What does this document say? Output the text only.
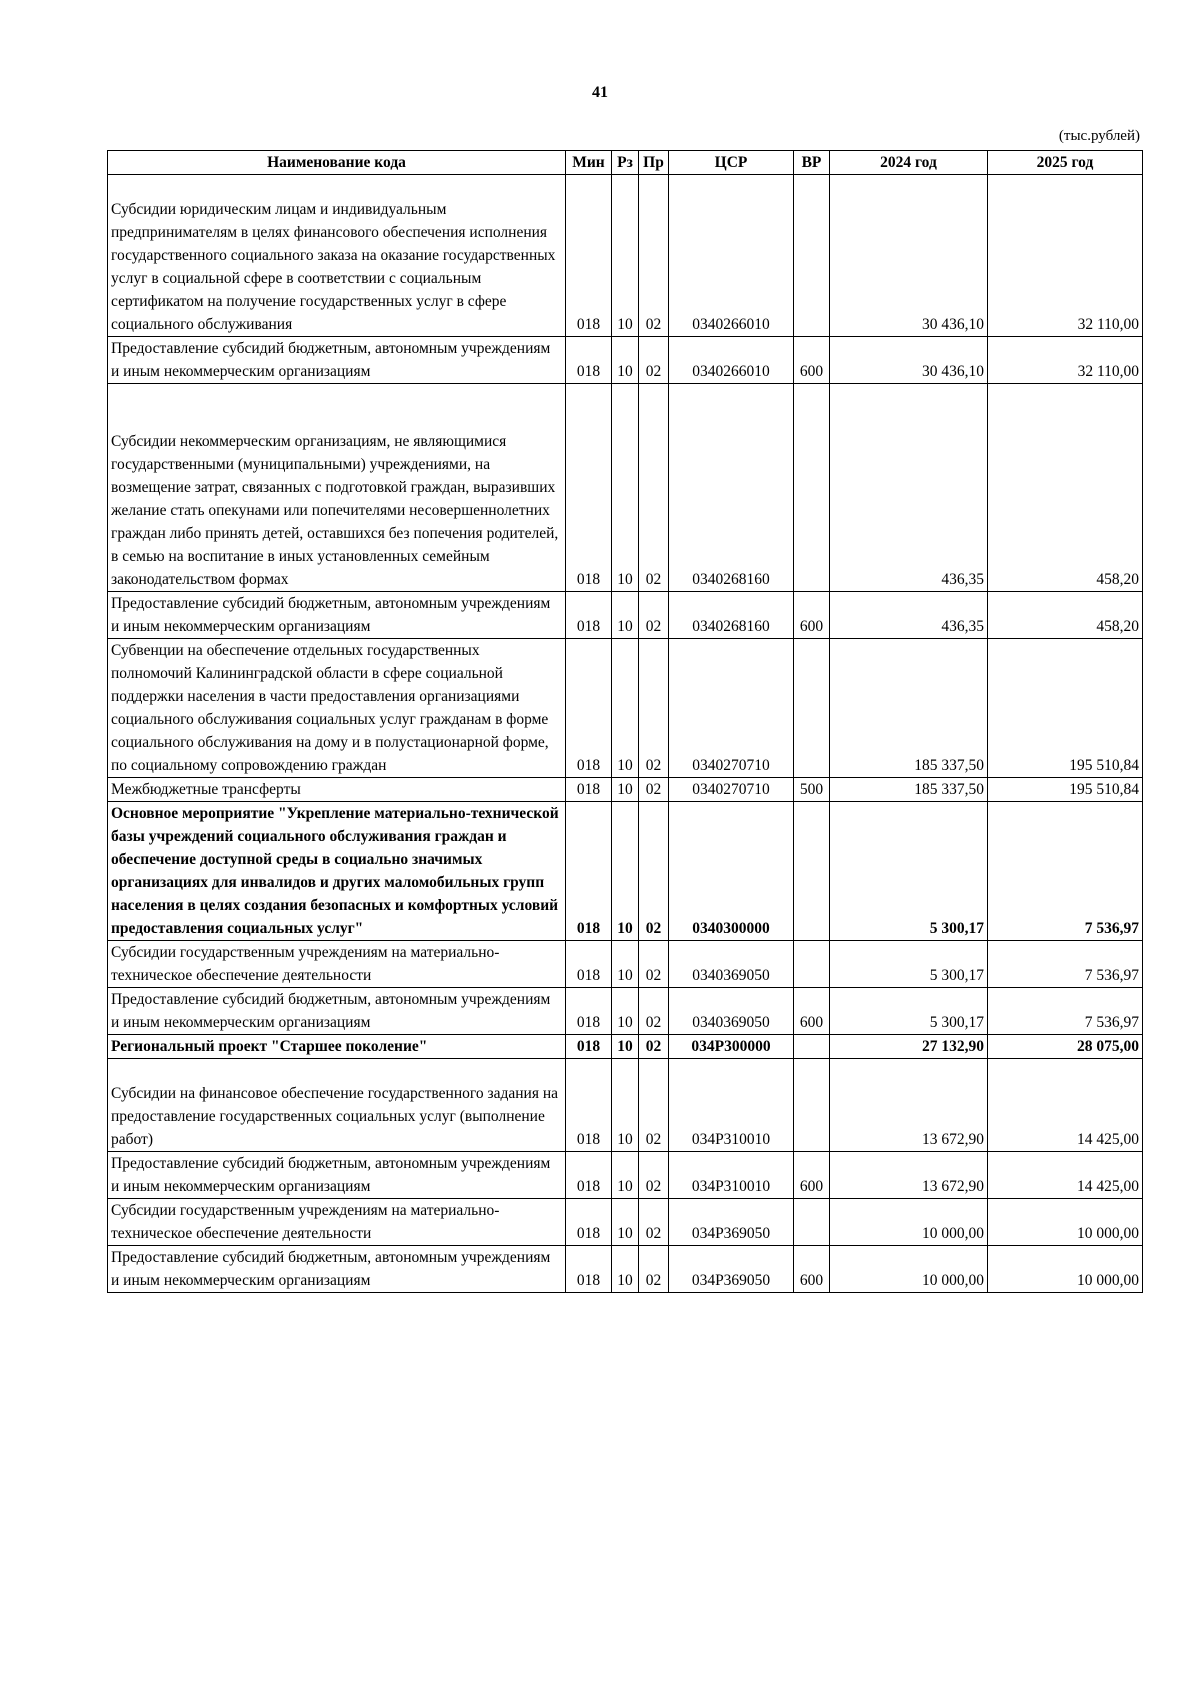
41
(тыс.рублей)
Наименование кода	Мин	Рз	Пр	ЦСР	ВР	2024 год	2025 год

Субсидии юридическим лицам и индивидуальным предпринимателям в целях финансового обеспечения исполнения государственного социального заказа на оказание государственных услуг в социальной сфере в соответствии с социальным сертификатом на получение государственных услуг в сфере социального обслуживания	018	10	02	0340266010		30 436,10	32 110,00
Предоставление субсидий бюджетным, автономным учреждениям и иным некоммерческим организациям	018	10	02	0340266010	600	30 436,10	32 110,00

Субсидии некоммерческим организациям, не являющимися государственными (муниципальными) учреждениями, на возмещение затрат, связанных с подготовкой граждан, выразивших желание стать опекунами или попечителями несовершеннолетних граждан либо принять детей, оставшихся без попечения родителей, в семью на воспитание в иных установленных семейным законодательством формах	018	10	02	0340268160		436,35	458,20
Предоставление субсидий бюджетным, автономным учреждениям и иным некоммерческим организациям	018	10	02	0340268160	600	436,35	458,20
Субвенции на обеспечение отдельных государственных полномочий Калининградской области в сфере социальной поддержки населения в части предоставления организациями социального обслуживания социальных услуг гражданам в форме социального обслуживания на дому и в полустационарной форме, по социальному сопровождению граждан	018	10	02	0340270710		185 337,50	195 510,84
Межбюджетные трансферты	018	10	02	0340270710	500	185 337,50	195 510,84
Основное мероприятие "Укрепление материально-технической базы учреждений социального обслуживания граждан и обеспечение доступной среды в социально значимых организациях для инвалидов и других маломобильных групп населения в целях создания безопасных и комфортных условий предоставления социальных услуг"	018	10	02	0340300000		5 300,17	7 536,97
Субсидии государственным учреждениям на материально-техническое обеспечение деятельности	018	10	02	0340369050		5 300,17	7 536,97
Предоставление субсидий бюджетным, автономным учреждениям и иным некоммерческим организациям	018	10	02	0340369050	600	5 300,17	7 536,97
Региональный проект "Старшее поколение"	018	10	02	034P300000		27 132,90	28 075,00

Субсидии на финансовое обеспечение государственного задания на предоставление государственных социальных услуг (выполнение работ)	018	10	02	034P310010		13 672,90	14 425,00
Предоставление субсидий бюджетным, автономным учреждениям и иным некоммерческим организациям	018	10	02	034P310010	600	13 672,90	14 425,00
Субсидии государственным учреждениям на материально-техническое обеспечение деятельности	018	10	02	034P369050		10 000,00	10 000,00
Предоставление субсидий бюджетным, автономным учреждениям и иным некоммерческим организациям	018	10	02	034P369050	600	10 000,00	10 000,00
